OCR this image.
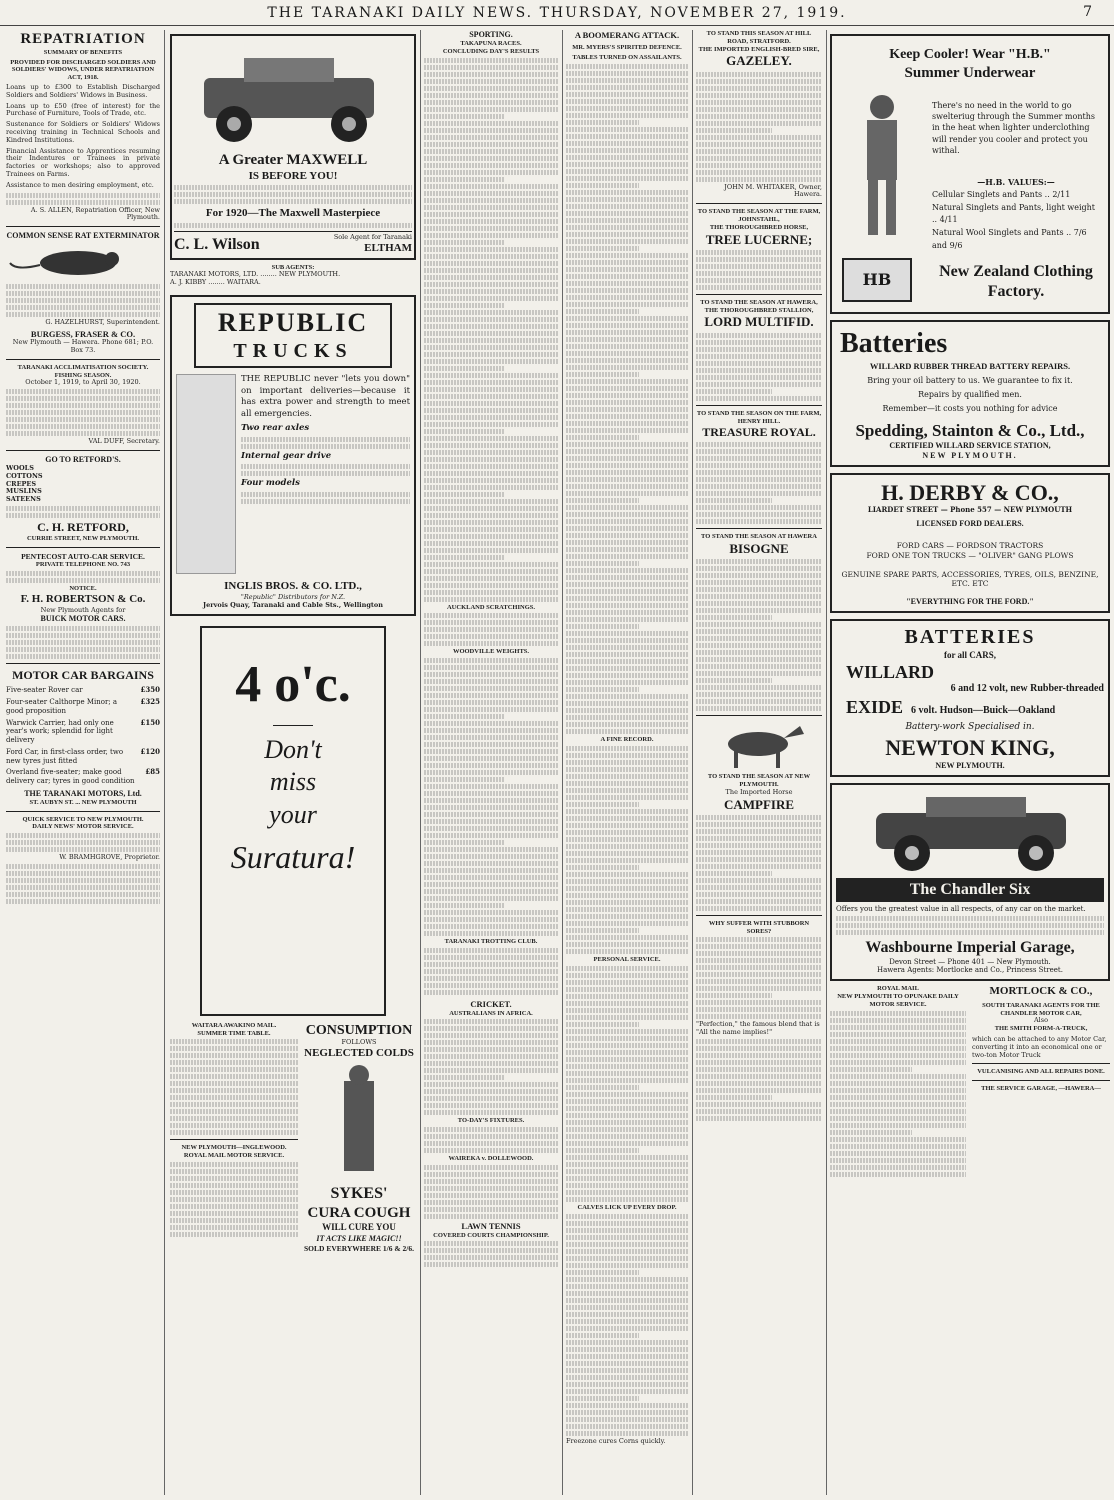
THE TARANAKI DAILY NEWS. THURSDAY, NOVEMBER 27, 1919.	7
REPATRIATION
SUMMARY OF BENEFITS
PROVIDED FOR DISCHARGED SOLDIERS AND SOLDIERS' WIDOWS, UNDER REPATRIATION ACT, 1918.
Loans up to £300 to Establish Discharged Soldiers and Soldiers' Widows in Business.
Loans up to £50 (free of interest) for the Purchase of Furniture, Tools of Trade, etc.
Sustenance for Soldiers or Soldiers' Widows receiving training in Technical Schools and Kindred Institutions.
Financial Assistance to Apprentices resuming their Indentures or Trainees in private factories or workshops; also to approved Trainees on Farms.
Assistance to men desiring employment, etc.
A. S. ALLEN, Repatriation Officer, New Plymouth.
COMMON SENSE RAT EXTERMINATOR
G. HAZELHURST, Superintendent.
BURGESS, FRASER & CO.
New Plymouth — Hawera. Phone 681; P.O. Box 73.
TARANAKI ACCLIMATISATION SOCIETY.
FISHING SEASON.
October 1, 1919, to April 30, 1920.
VAL DUFF, Secretary.
GO TO RETFORD'S.
WOOLS
COTTONS
CREPES
MUSLINS
SATEENS
C. H. RETFORD,
CURRIE STREET, NEW PLYMOUTH.
PENTECOST AUTO-CAR SERVICE.
PRIVATE TELEPHONE NO. 743
NOTICE.
F. H. ROBERTSON & Co.
New Plymouth Agents for
BUICK MOTOR CARS.
MOTOR CAR BARGAINS
Five-seater Rover car	£350
Four-seater Calthorpe Minor; a good proposition
£325
Warwick Carrier, had only one year's work; splendid for light delivery
£150
Ford Car, in first-class order, two new tyres just fitted
£120
Overland five-seater; make good delivery car; tyres in good condition
£85
THE TARANAKI MOTORS, Ltd.
ST. AUBYN ST. ... NEW PLYMOUTH
QUICK SERVICE TO NEW PLYMOUTH.
DAILY NEWS' MOTOR SERVICE.
W. BRAMHGROVE, Proprietor.
A Greater MAXWELL
IS BEFORE YOU!
For 1920—The Maxwell Masterpiece
C. L. Wilson	Sole Agent for Taranaki
ELTHAM
SUB AGENTS:
TARANAKI MOTORS, LTD. ........ NEW PLYMOUTH.
A. J. KIBBY ........ WAITARA.
REPUBLIC
TRUCKS
THE REPUBLIC never "lets you down" on important deliveries—because it has extra power and strength to meet all emergencies.
Two rear axles
Internal gear drive
Four models
INGLIS BROS. & CO. LTD.,
"Republic" Distributors for N.Z.
Jervois Quay, Taranaki and Cable Sts., Wellington
4 o'c.
Don't
miss
your
Suratura!
WAITARA AWAKINO MAIL.
SUMMER TIME TABLE.
NEW PLYMOUTH—INGLEWOOD.
ROYAL MAIL MOTOR SERVICE.
CONSUMPTION
FOLLOWS
NEGLECTED COLDS
SYKES'
CURA COUGH
WILL CURE YOU
IT ACTS LIKE MAGIC!!
SOLD EVERYWHERE 1/6 & 2/6.
SPORTING.
TAKAPUNA RACES.
CONCLUDING DAY'S RESULTS
AUCKLAND SCRATCHINGS.
WOODVILLE WEIGHTS.
TARANAKI TROTTING CLUB.
CRICKET.
AUSTRALIANS IN AFRICA.
TO-DAY'S FIXTURES.
WAIREKA v. DOLLEWOOD.
LAWN TENNIS
COVERED COURTS CHAMPIONSHIP.
A BOOMERANG ATTACK.
MR. MYERS'S SPIRITED DEFENCE.
TABLES TURNED ON ASSAILANTS.
A FINE RECORD.
PERSONAL SERVICE.
CALVES LICK UP EVERY DROP.
Freezone cures Corns quickly.
TO STAND THIS SEASON AT HILL ROAD, STRATFORD.
THE IMPORTED ENGLISH-BRED SIRE,
GAZELEY.
JOHN M. WHITAKER, Owner, Hawera.
TO STAND THE SEASON AT THE FARM, JOHNSTAHL,
THE THOROUGHBRED HORSE,
TREE LUCERNE;
TO STAND THE SEASON AT HAWERA, THE THOROUGHBRED STALLION,
LORD MULTIFID.
TO STAND THE SEASON ON THE FARM, HENRY HILL.
TREASURE ROYAL.
TO STAND THE SEASON AT HAWERA
BISOGNE
TO STAND THE SEASON AT NEW PLYMOUTH.
The Imported Horse
CAMPFIRE
WHY SUFFER WITH STUBBORN SORES?
"Perfection," the famous blend that is "All the name implies!"
Keep Cooler! Wear "H.B."
Summer Underwear
There's no need in the world to go swelteriug through the Summer months in the heat when lighter underclothing will render you cooler and protect you withal.
—H.B. VALUES:—
Cellular Singlets and Pants .. 2/11
Natural Singlets and Pants, light weight .. 4/11
Natural Wool Singlets and Pants .. 7/6 and 9/6
HB	New Zealand Clothing Factory.
Batteries
WILLARD RUBBER THREAD BATTERY REPAIRS.
Bring your oil battery to us. We guarantee to fix it.
Repairs by qualified men.
Remember—it costs you nothing for advice
Spedding, Stainton & Co., Ltd.,
CERTIFIED WILLARD SERVICE STATION,
NEW PLYMOUTH.
H. DERBY & CO.,
LIARDET STREET — Phone 557 — NEW PLYMOUTH
LICENSED FORD DEALERS.
FORD CARS — FORDSON TRACTORS
FORD ONE TON TRUCKS — "OLIVER" GANG PLOWS
GENUINE SPARE PARTS, ACCESSORIES, TYRES, OILS, BENZINE, ETC. ETC
"EVERYTHING FOR THE FORD."
BATTERIES
for all CARS,
WILLARD
6 and 12 volt, new Rubber-threaded
EXIDE 6 volt. Hudson—Buick—Oakland
Battery-work Specialised in.
NEWTON KING,
NEW PLYMOUTH.
The Chandler Six
Offers you the greatest value in all respects, of any car on the market.
Washbourne Imperial Garage,
Devon Street — Phone 401 — New Plymouth.
Hawera Agents: Mortlocke and Co., Princess Street.
ROYAL MAIL
NEW PLYMOUTH TO OPUNAKE DAILY MOTOR SERVICE.
MORTLOCK & CO.,
SOUTH TARANAKI AGENTS FOR THE CHANDLER MOTOR CAR,
Also
THE SMITH FORM-A-TRUCK,
which can be attached to any Motor Car, converting it into an economical one or two-ton Motor Truck
VULCANISING AND ALL REPAIRS DONE.
THE SERVICE GARAGE, —HAWERA—
